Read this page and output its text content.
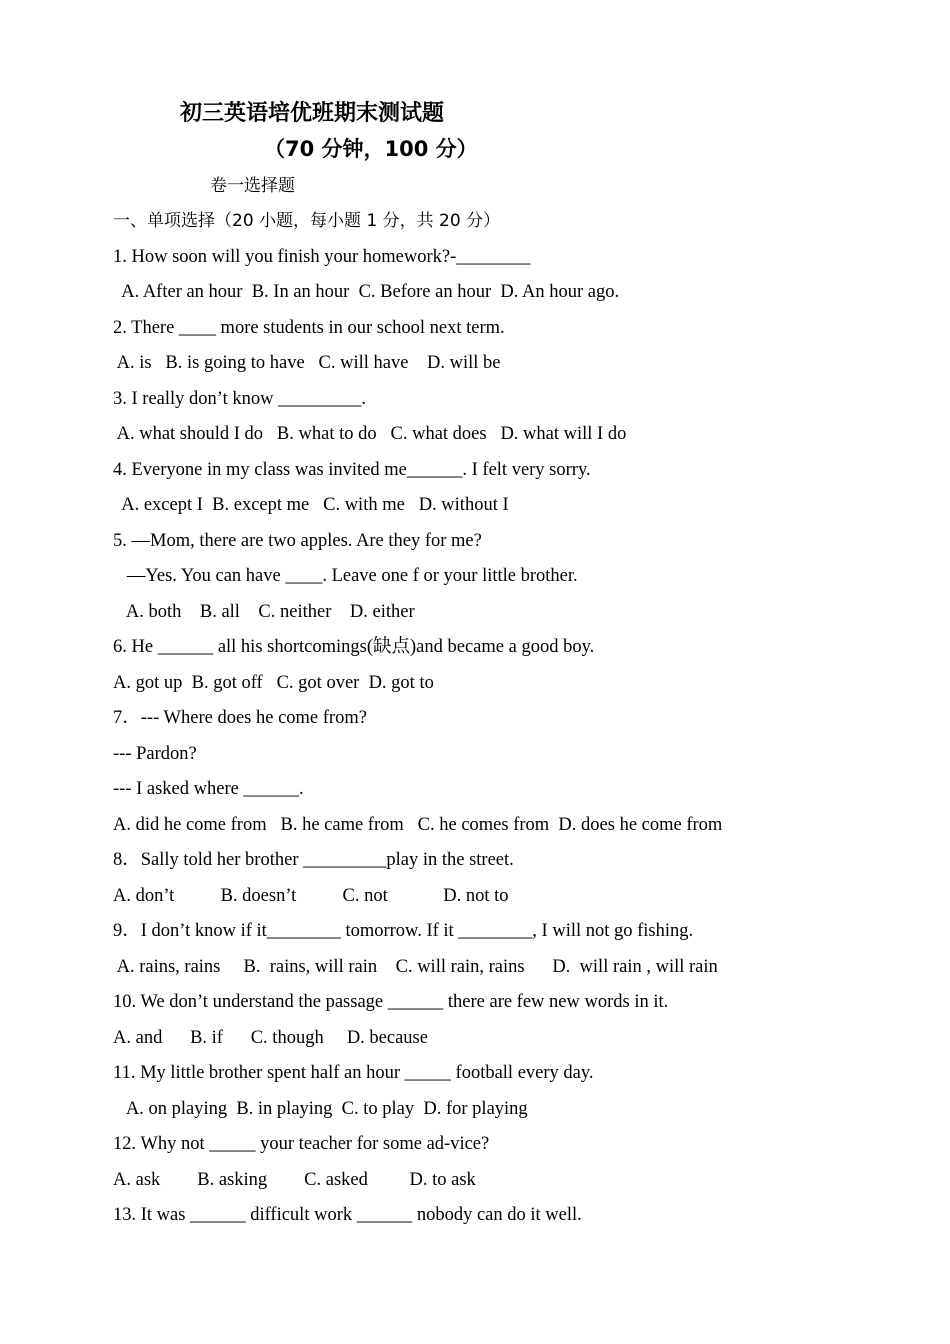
初三英语培优班期末测试题
（70 分钟，100 分）
卷一选择题
一、单项选择（20 小题，每小题 1 分，共 20 分）
1. How soon will you finish your homework?-________
A. After an hour  B. In an hour  C. Before an hour  D. An hour ago.
2. There ____ more students in our school next term.
A. is   B. is going to have   C. will have    D. will be
3. I really don’t know _________.
A. what should I do   B. what to do   C. what does   D. what will I do
4. Everyone in my class was invited me______. I felt very sorry.
A. except I  B. except me   C. with me   D. without I
5. —Mom, there are two apples. Are they for me?
—Yes. You can have ____. Leave one f or your little brother.
A. both    B. all    C. neither    D. either
6. He ______ all his shortcomings(缺点)and became a good boy.
A. got up  B. got off   C. got over  D. got to
7．--- Where does he come from?
--- Pardon?
--- I asked where ______.
A. did he come from   B. he came from   C. he comes from  D. does he come from
8．Sally told her brother _________play in the street.
A. don’t          B. doesn’t          C. not            D. not to
9．I don’t know if it________ tomorrow. If it ________, I will not go fishing.
A. rains, rains     B.  rains, will rain    C. will rain, rains      D.  will rain , will rain
10. We don’t understand the passage ______ there are few new words in it.
A. and      B. if      C. though     D. because
11. My little brother spent half an hour _____ football every day.
A. on playing  B. in playing  C. to play  D. for playing
12. Why not _____ your teacher for some ad-vice?
A. ask        B. asking        C. asked         D. to ask
13. It was ______ difficult work ______ nobody can do it well.
